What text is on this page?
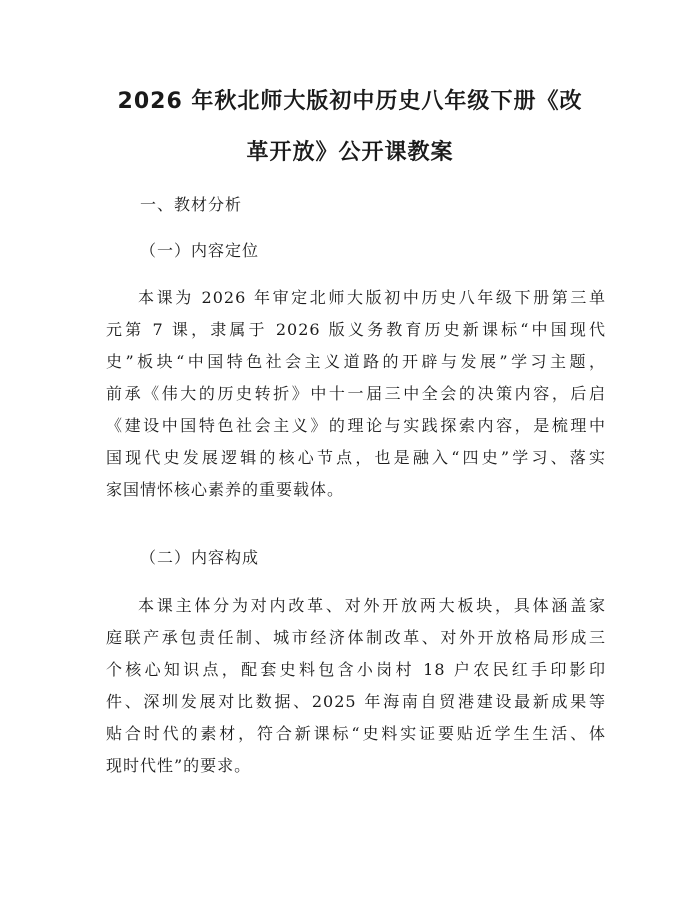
2026 年秋北师大版初中历史八年级下册《改
革开放》公开课教案
一、教材分析
（一）内容定位
本课为 2026 年审定北师大版初中历史八年级下册第三单
元第 7 课，隶属于 2026 版义务教育历史新课标“中国现代
史”板块“中国特色社会主义道路的开辟与发展”学习主题，
前承《伟大的历史转折》中十一届三中全会的决策内容，后启
《建设中国特色社会主义》的理论与实践探索内容，是梳理中
国现代史发展逻辑的核心节点，也是融入“四史”学习、落实
家国情怀核心素养的重要载体。
（二）内容构成
本课主体分为对内改革、对外开放两大板块，具体涵盖家
庭联产承包责任制、城市经济体制改革、对外开放格局形成三
个核心知识点，配套史料包含小岗村 18 户农民红手印影印
件、深圳发展对比数据、2025 年海南自贸港建设最新成果等
贴合时代的素材，符合新课标“史料实证要贴近学生生活、体
现时代性”的要求。
